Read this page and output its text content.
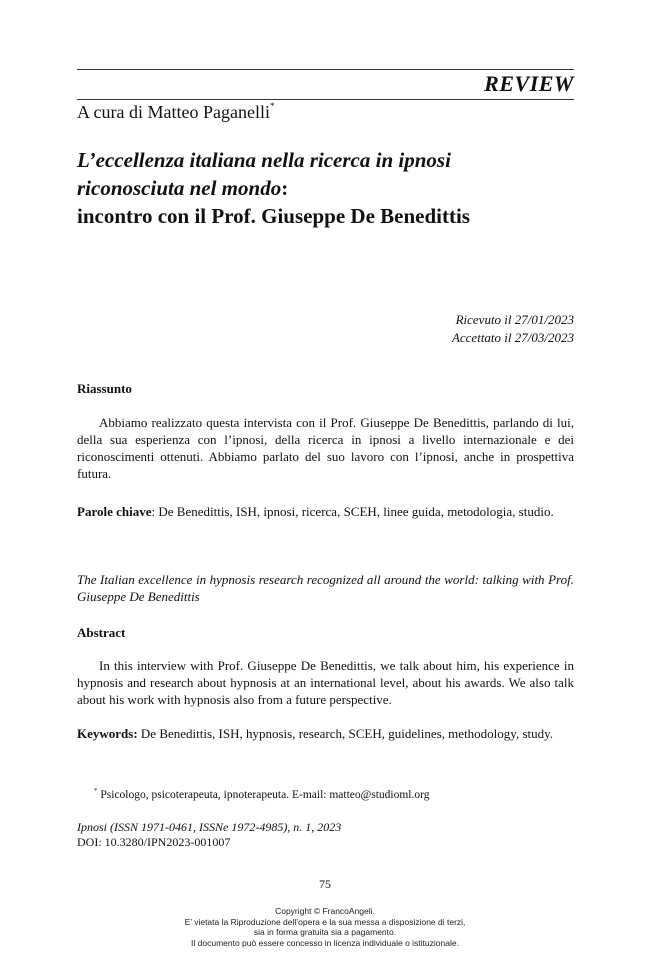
REVIEW
A cura di Matteo Paganelli*
L’eccellenza italiana nella ricerca in ipnosi
riconosciuta nel mondo:
incontro con il Prof. Giuseppe De Benedittis
Ricevuto il 27/01/2023
Accettato il 27/03/2023
Riassunto
Abbiamo realizzato questa intervista con il Prof. Giuseppe De Benedittis, parlando di lui, della sua esperienza con l’ipnosi, della ricerca in ipnosi a livello internazionale e dei riconoscimenti ottenuti. Abbiamo parlato del suo lavoro con l’ipnosi, anche in prospettiva futura.
Parole chiave: De Benedittis, ISH, ipnosi, ricerca, SCEH, linee guida, metodologia, studio.
The Italian excellence in hypnosis research recognized all around the world: talking with Prof. Giuseppe De Benedittis
Abstract
In this interview with Prof. Giuseppe De Benedittis, we talk about him, his experience in hypnosis and research about hypnosis at an international level, about his awards. We also talk about his work with hypnosis also from a future perspective.
Keywords: De Benedittis, ISH, hypnosis, research, SCEH, guidelines, methodology, study.
* Psicologo, psicoterapeuta, ipnoterapeuta. E-mail: matteo@studioml.org
Ipnosi (ISSN 1971-0461, ISSNe 1972-4985), n. 1, 2023
DOI: 10.3280/IPN2023-001007
75
Copyright © FrancoAngeli.
E’ vietata la Riproduzione dell’opera e la sua messa a disposizione di terzi,
sia in forma gratuita sia a pagamento.
Il documento può essere concesso in licenza individuale o istituzionale.
